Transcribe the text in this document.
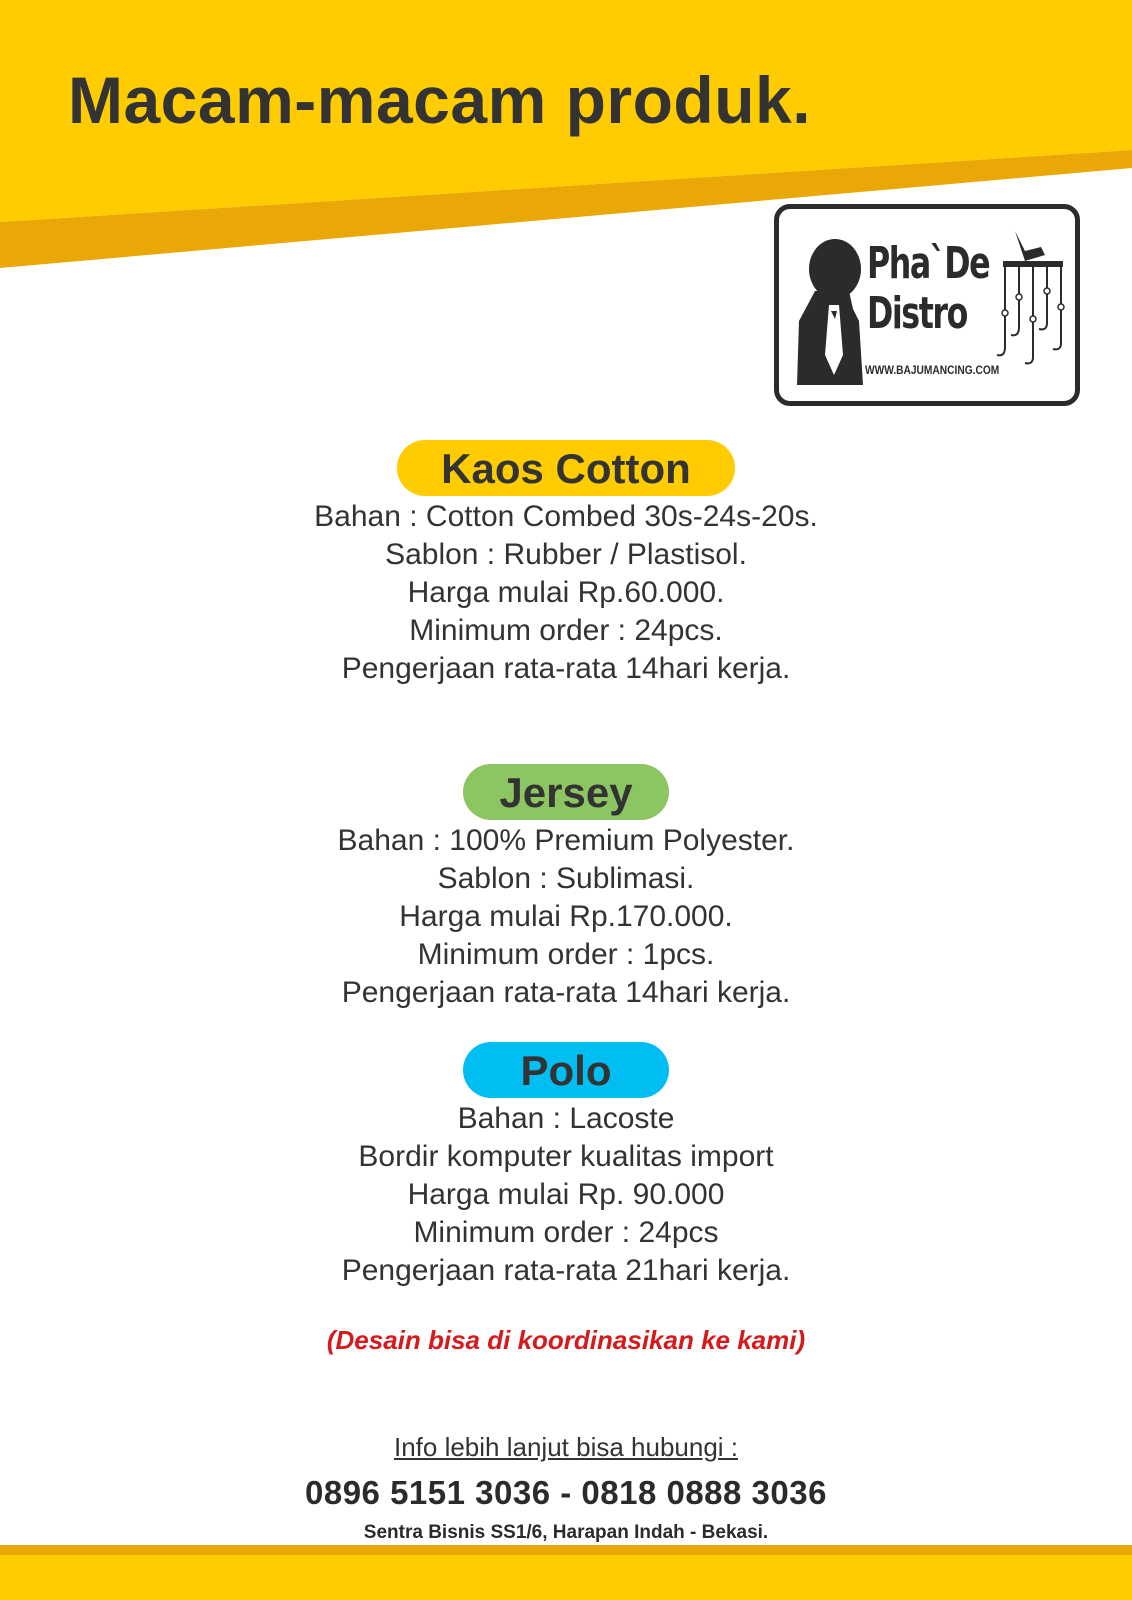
Macam-macam produk.
Pha`De
Distro
WWW.BAJUMANCING.COM
Kaos Cotton
Bahan : Cotton Combed 30s-24s-20s.
Sablon : Rubber / Plastisol.
Harga mulai Rp.60.000.
Minimum order : 24pcs.
Pengerjaan rata-rata 14hari kerja.
Jersey
Bahan : 100% Premium Polyester.
Sablon : Sublimasi.
Harga mulai Rp.170.000.
Minimum order : 1pcs.
Pengerjaan rata-rata 14hari kerja.
Polo
Bahan : Lacoste
Bordir komputer kualitas import
Harga mulai Rp. 90.000
Minimum order : 24pcs
Pengerjaan rata-rata 21hari kerja.
(Desain bisa di koordinasikan ke kami)
Info lebih lanjut bisa hubungi :
0896 5151 3036 - 0818 0888 3036
Sentra Bisnis SS1/6, Harapan Indah - Bekasi.
